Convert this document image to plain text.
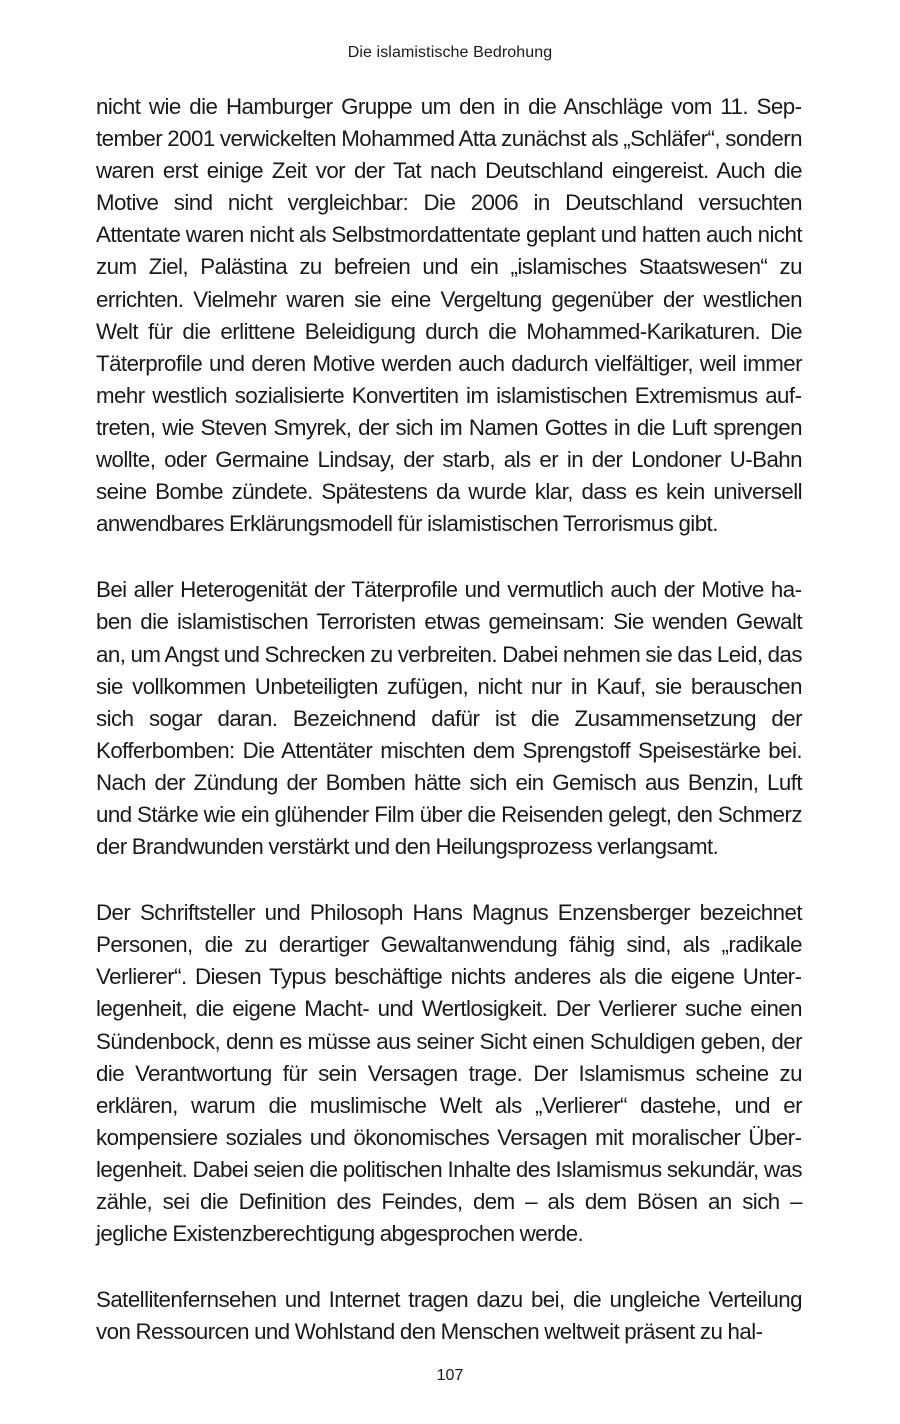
Die islamistische Bedrohung

nicht wie die Hamburger Gruppe um den in die Anschläge vom 11. September 2001 verwickelten Mohammed Atta zunächst als „Schläfer“, sondern waren erst einige Zeit vor der Tat nach Deutschland eingereist. Auch die Motive sind nicht vergleichbar: Die 2006 in Deutschland versuchten Attentate waren nicht als Selbstmordattentate geplant und hatten auch nicht zum Ziel, Palästina zu befreien und ein „islamisches Staatswesen“ zu errichten. Vielmehr waren sie eine Vergeltung gegenüber der westlichen Welt für die erlittene Beleidigung durch die Mohammed-Karikaturen. Die Täterprofile und deren Motive werden auch dadurch vielfältiger, weil immer mehr westlich sozialisierte Konvertiten im islamistischen Extremismus auftreten, wie Steven Smyrek, der sich im Namen Gottes in die Luft sprengen wollte, oder Germaine Lindsay, der starb, als er in der Londoner U-Bahn seine Bombe zündete. Spätestens da wurde klar, dass es kein universell anwendbares Erklärungsmodell für islamistischen Terrorismus gibt.

Bei aller Heterogenität der Täterprofile und vermutlich auch der Motive haben die islamistischen Terroristen etwas gemeinsam: Sie wenden Gewalt an, um Angst und Schrecken zu verbreiten. Dabei nehmen sie das Leid, das sie vollkommen Unbeteiligten zufügen, nicht nur in Kauf, sie berauschen sich sogar daran. Bezeichnend dafür ist die Zusammensetzung der Kofferbomben: Die Attentäter mischten dem Sprengstoff Speisestärke bei. Nach der Zündung der Bomben hätte sich ein Gemisch aus Benzin, Luft und Stärke wie ein glühender Film über die Reisenden gelegt, den Schmerz der Brandwunden verstärkt und den Heilungsprozess verlangsamt.

Der Schriftsteller und Philosoph Hans Magnus Enzensberger bezeichnet Personen, die zu derartiger Gewaltanwendung fähig sind, als „radikale Verlierer“. Diesen Typus beschäftige nichts anderes als die eigene Unterlegenheit, die eigene Macht- und Wertlosigkeit. Der Verlierer suche einen Sündenbock, denn es müsse aus seiner Sicht einen Schuldigen geben, der die Verantwortung für sein Versagen trage. Der Islamismus scheine zu erklären, warum die muslimische Welt als „Verlierer“ dastehe, und er kompensiere soziales und ökonomisches Versagen mit moralischer Überlegenheit. Dabei seien die politischen Inhalte des Islamismus sekundär, was zähle, sei die Definition des Feindes, dem – als dem Bösen an sich – jegliche Existenzberechtigung abgesprochen werde.

Satellitenfernsehen und Internet tragen dazu bei, die ungleiche Verteilung von Ressourcen und Wohlstand den Menschen weltweit präsent zu hal-

107
